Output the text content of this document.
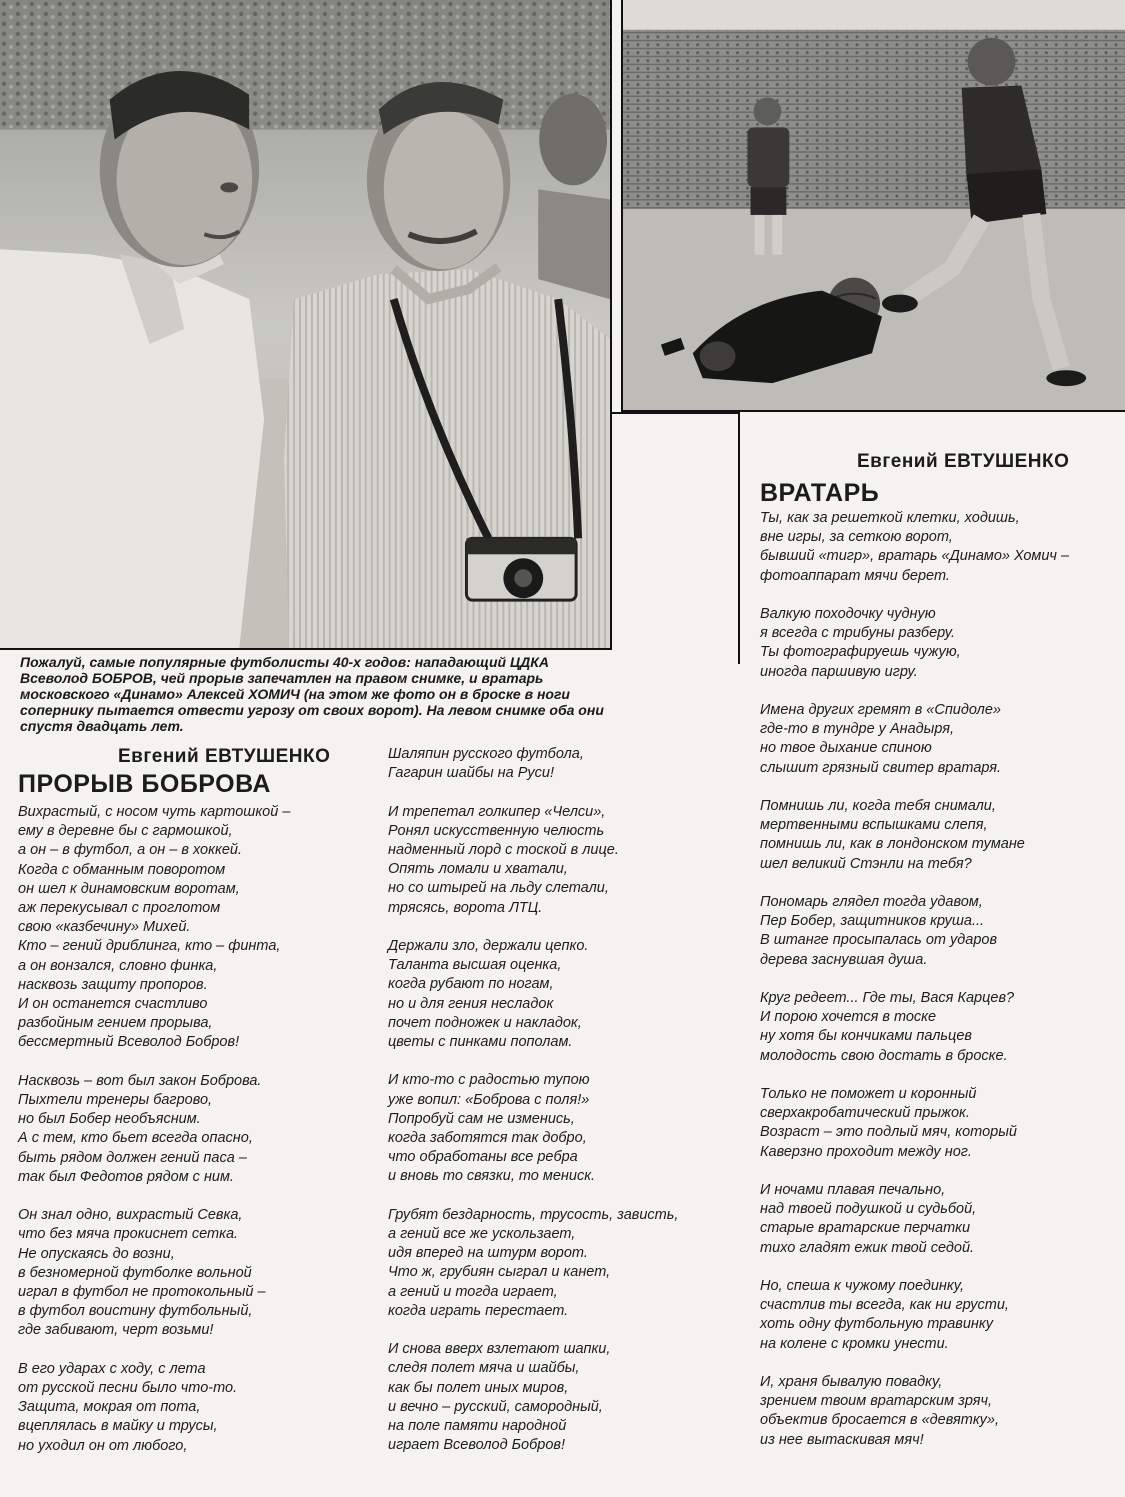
Пожалуй, самые популярные футболисты 40-х годов: нападающий ЦДКА

Всеволод БОБРОВ, чей прорыв запечатлен на правом снимке, и вратарь

московского «Динамо» Алексей ХОМИЧ (на этом же фото он в броске в ноги

сопернику пытается отвести угрозу от своих ворот). На левом снимке оба они

спустя двадцать лет.

Евгений ЕВТУШЕНКО
ПРОРЫВ БОБРОВА
Евгений ЕВТУШЕНКО
ВРАТАРЬ
Вихрастый, с носом чуть картошкой –
ему в деревне бы с гармошкой,
а он – в футбол, а он – в хоккей.
Когда с обманным поворотом
он шел к динамовским воротам,
аж перекусывал с проглотом
свою «казбечину» Михей.
Кто – гений дриблинга, кто – финта,
а он вонзался, словно финка,
насквозь защиту пропоров.
И он останется счастливо
разбойным гением прорыва,
бессмертный Всеволод Бобров!
Насквозь – вот был закон Боброва.
Пыхтели тренеры багрово,
но был Бобер необъясним.
А с тем, кто бьет всегда опасно,
быть рядом должен гений паса –
так был Федотов рядом с ним.
Он знал одно, вихрастый Севка,
что без мяча прокиснет сетка.
Не опускаясь до возни,
в безномерной футболке вольной
играл в футбол не протокольный –
в футбол воистину футбольный,
где забивают, черт возьми!
В его ударах с ходу, с лета
от русской песни было что-то.
Защита, мокрая от пота,
вцеплялась в майку и трусы,
но уходил он от любого,
Шаляпин русского футбола,
Гагарин шайбы на Руси!
И трепетал голкипер «Челси»,
Ронял искусственную челюсть
надменный лорд с тоской в лице.
Опять ломали и хватали,
но со штырей на льду слетали,
трясясь, ворота ЛТЦ.
Держали зло, держали цепко.
Таланта высшая оценка,
когда рубают по ногам,
но и для гения несладок
почет подножек и накладок,
цветы с пинками пополам.
И кто-то с радостью тупою
уже вопил: «Боброва с поля!»
Попробуй сам не изменись,
когда заботятся так добро,
что обработаны все ребра
и вновь то связки, то мениск.
Грубят бездарность, трусость, зависть,
а гений все же ускользает,
идя вперед на штурм ворот.
Что ж, грубиян сыграл и канет,
а гений и тогда играет,
когда играть перестает.
И снова вверх взлетают шапки,
следя полет мяча и шайбы,
как бы полет иных миров,
и вечно – русский, самородный,
на поле памяти народной
играет Всеволод Бобров!
Ты, как за решеткой клетки, ходишь,
вне игры, за сеткою ворот,
бывший «тигр», вратарь «Динамо» Хомич –
фотоаппарат мячи берет.
Валкую походочку чудную
я всегда с трибуны разберу.
Ты фотографируешь чужую,
иногда паршивую игру.
Имена других гремят в «Спидоле»
где-то в тундре у Анадыря,
но твое дыхание спиною
слышит грязный свитер вратаря.
Помнишь ли, когда тебя снимали,
мертвенными вспышками слепя,
помнишь ли, как в лондонском тумане
шел великий Стэнли на тебя?
Пономарь глядел тогда удавом,
Пер Бобер, защитников круша...
В штанге просыпалась от ударов
дерева заснувшая душа.
Круг редеет... Где ты, Вася Карцев?
И порою хочется в тоске
ну хотя бы кончиками пальцев
молодость свою достать в броске.
Только не поможет и коронный
сверхакробатический прыжок.
Возраст – это подлый мяч, который
Каверзно проходит между ног.
И ночами плавая печально,
над твоей подушкой и судьбой,
старые вратарские перчатки
тихо гладят ежик твой седой.
Но, спеша к чужому поединку,
счастлив ты всегда, как ни грусти,
хоть одну футбольную травинку
на колене с кромки унести.
И, храня бывалую повадку,
зрением твоим вратарским зряч,
объектив бросается в «девятку»,
из нее вытаскивая мяч!
